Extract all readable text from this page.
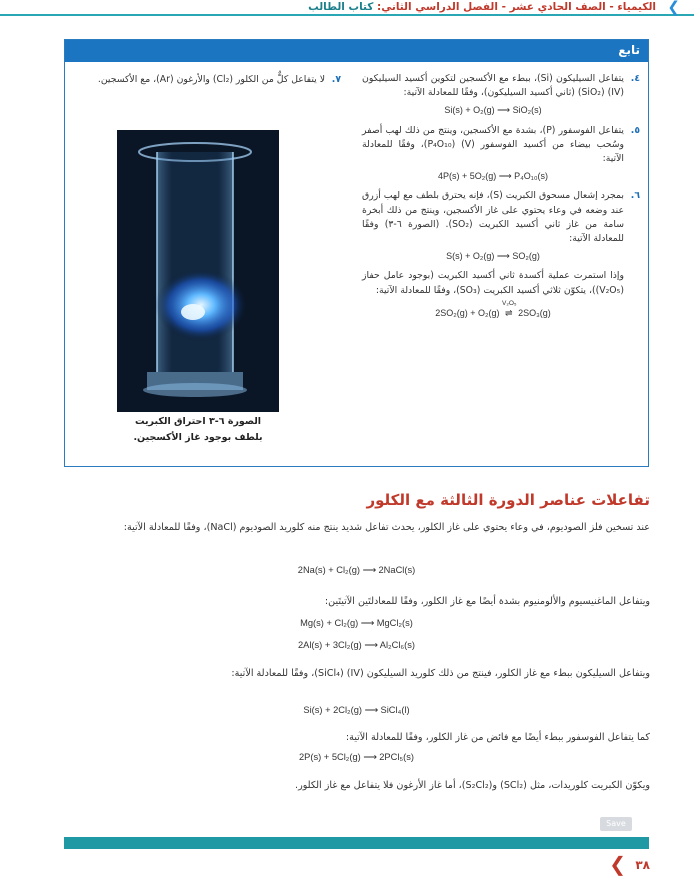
الكيمياء - الصف الحادي عشر - الفصل الدراسي الثاني: كتاب الطالب	❮
تابع
٤.
يتفاعل السيليكون (Si)، ببطء مع الأكسجين لتكوين أكسيد السيليكون (IV) (SiO₂) (ثاني أكسيد السيليكون)، وفقًا للمعادلة الآتية:
Si(s) + O₂(g) ⟶ SiO₂(s)
٥.
يتفاعل الفوسفور (P)، بشدة مع الأكسجين، وينتج من ذلك لهب أصفر وسُحب بيضاء من أكسيد الفوسفور (V) (P₄O₁₀)، وفقًا للمعادلة الآتية:
4P(s) + 5O₂(g) ⟶ P₄O₁₀(s)
٦.
بمجرد إشعال مسحوق الكبريت (S)، فإنه يحترق بلطف مع لهب أزرق عند وضعه في وعاء يحتوي على غاز الأكسجين، وينتج من ذلك أبخرة سامة من غاز ثاني أكسيد الكبريت (SO₂). (الصورة ٦-٣) وفقًا للمعادلة الآتية:
S(s) + O₂(g) ⟶ SO₂(g)
وإذا استمرت عملية أكسدة ثاني أكسيد الكبريت (بوجود عامل حفاز (V₂O₅))، يتكوّن ثلاثي أكسيد الكبريت (SO₃)، وفقًا للمعادلة الآتية:
2SO₂(g) + O₂(g)
V₂O₅
⇌ 2SO₃(g)
٧.
لا يتفاعل كلٌّ من الكلور (Cl₂) والأرغون (Ar)، مع الأكسجين.
الصورة ٦-٣ احتراق الكبريت
بلطف بوجود غاز الأكسجين.
تفاعلات عناصر الدورة الثالثة مع الكلور
عند تسخين فلز الصوديوم، في وعاء يحتوي على غاز الكلور، يحدث تفاعل شديد ينتج منه كلوريد الصوديوم (NaCl)، وفقًا للمعادلة الآتية:
2Na(s) + Cl₂(g) ⟶ 2NaCl(s)
ويتفاعل الماغنيسيوم والألومنيوم بشدة أيضًا مع غاز الكلور، وفقًا للمعادلتَين الآتيتَين:
Mg(s) + Cl₂(g) ⟶ MgCl₂(s)
2Al(s) + 3Cl₂(g) ⟶ Al₂Cl₆(s)
ويتفاعل السيليكون ببطء مع غاز الكلور، فينتج من ذلك كلوريد السيليكون (IV) (SiCl₄)، وفقًا للمعادلة الآتية:
Si(s) + 2Cl₂(g) ⟶ SiCl₄(l)
كما يتفاعل الفوسفور ببطء أيضًا مع فائض من غاز الكلور، وفقًا للمعادلة الآتية:
2P(s) + 5Cl₂(g) ⟶ 2PCl₅(s)
ويكوّن الكبريت كلوريدات، مثل (SCl₂) و(S₂Cl₂)، أما غاز الأرغون فلا يتفاعل مع غاز الكلور.
Save
❮ ٣٨
